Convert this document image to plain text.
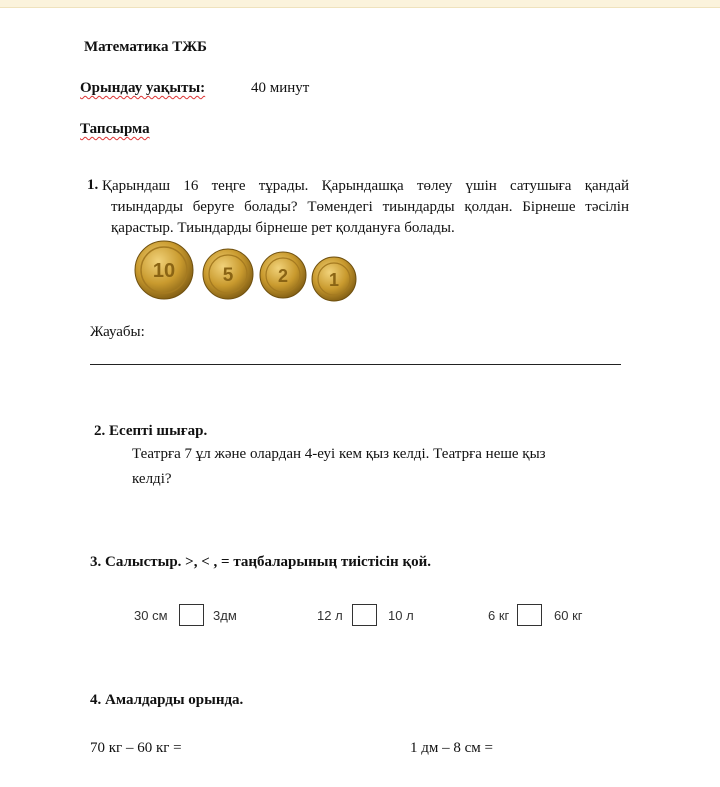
Математика ТЖБ
Орындау уақыты:	40 минут
Тапсырма
1. Қарындаш 16 теңге тұрады. Қарындашқа төлеу үшін сатушыға қандай
тиындарды беруге болады? Төмендегі тиындарды қолдан. Бірнеше тәсілін
қарастыр. Тиындарды бірнеше рет қолдануға болады.
10	5 2 1
Жауабы:
2. Есепті шығар.
Театрға 7 ұл және олардан 4-еуі кем қыз келді. Театрға неше қыз
келді?
3. Салыстыр. >, < , = таңбаларының тиістісін қой.
30 см	3дм	12 л	10 л	6 кг	60 кг
4. Амалдарды орында.
70 кг – 60 кг =	1 дм – 8 см =
